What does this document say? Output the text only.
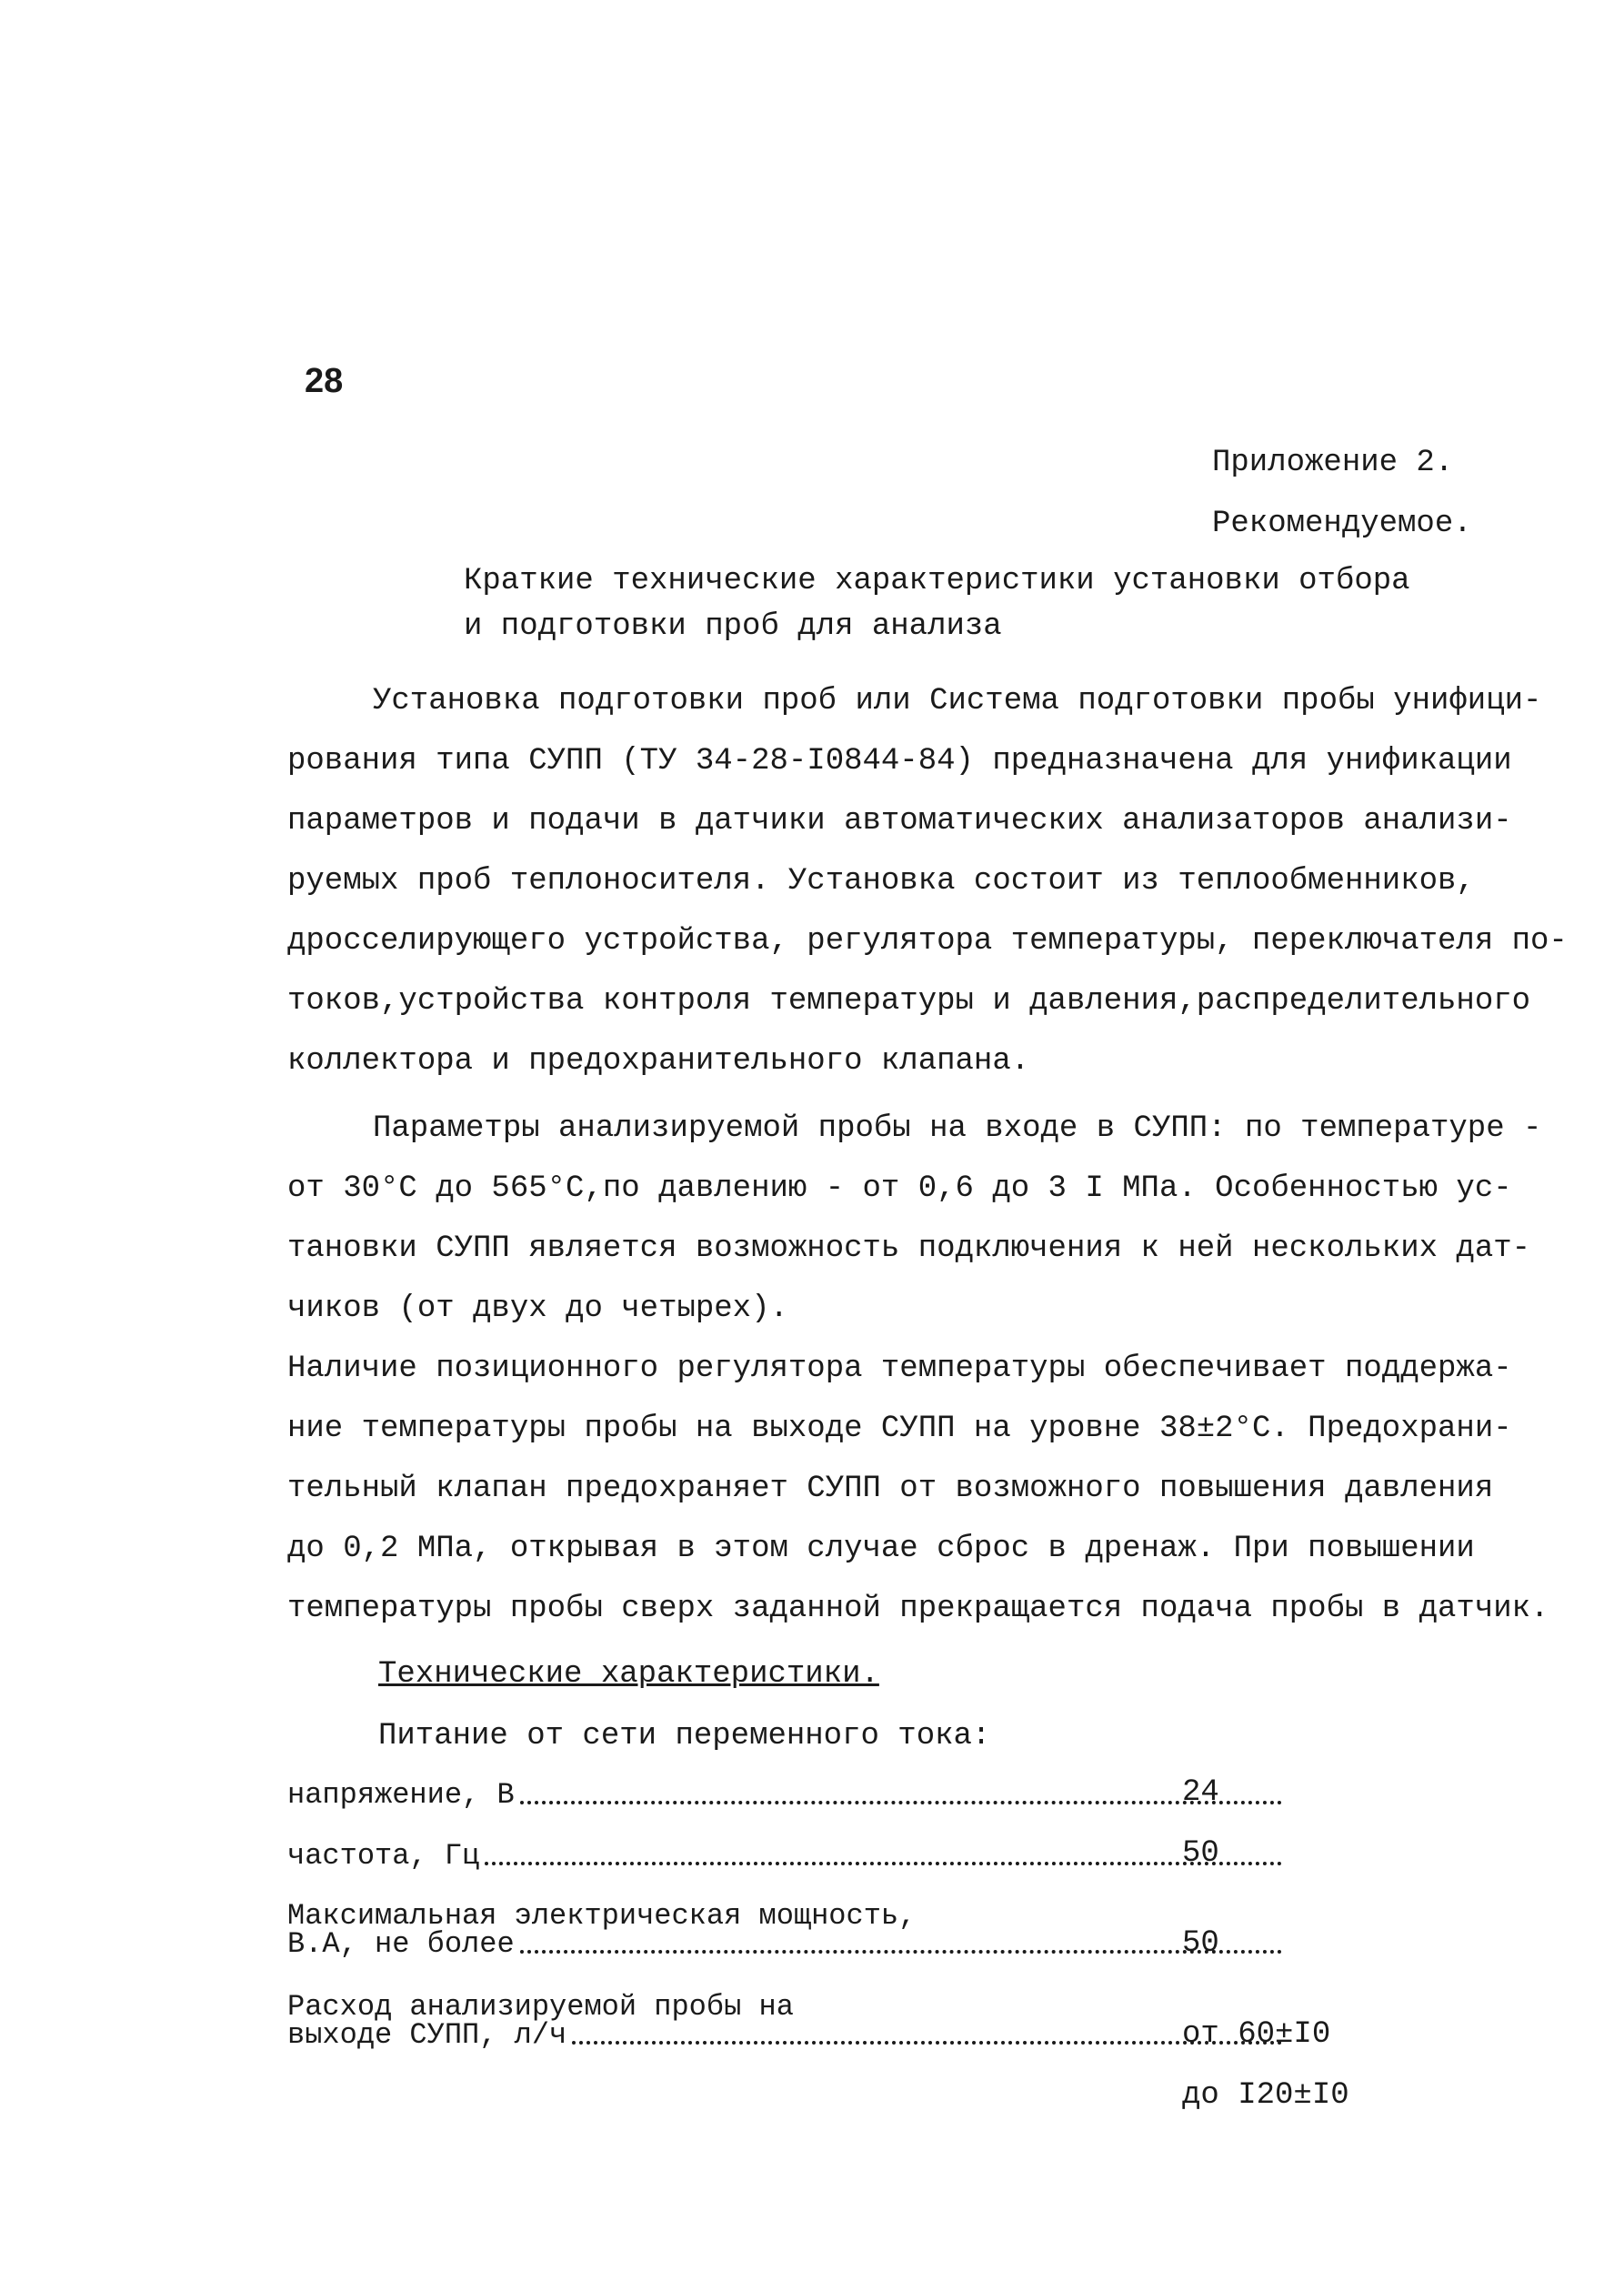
28
Приложение 2.
Рекомендуемое.
Краткие технические характеристики установки отбора
и подготовки проб для анализа
Установка подготовки проб или Система подготовки пробы унифици-
рования типа СУПП (ТУ 34-28-I0844-84) предназначена для унификации
параметров и подачи в датчики автоматических анализаторов анализи-
руемых проб теплоносителя. Установка состоит из теплообменников,
дросселирующего устройства, регулятора температуры, переключателя по-
токов,устройства контроля температуры и давления,распределительного
коллектора и предохранительного клапана.
Параметры анализируемой пробы на входе в СУПП: по температуре -
от 30°С до 565°С,по давлению - от 0,6 до 3 I МПа. Особенностью ус-
тановки СУПП является возможность подключения к ней нескольких дат-
чиков (от двух до четырех).
Наличие позиционного регулятора температуры обеспечивает поддержа-
ние температуры пробы на выходе СУПП на уровне 38±2°С. Предохрани-
тельный клапан предохраняет СУПП от возможного повышения давления
до 0,2 МПа, открывая в этом случае сброс в дренаж. При повышении
температуры пробы сверх заданной прекращается подача пробы в датчик.
Технические характеристики.
Питание от сети переменного тока:
напряжение, В	24
частота, Гц	50
Максимальная электрическая мощность,
В.А, не более	50
Расход анализируемой пробы на
выходе СУПП, л/ч	от 60±I0
до I20±I0
